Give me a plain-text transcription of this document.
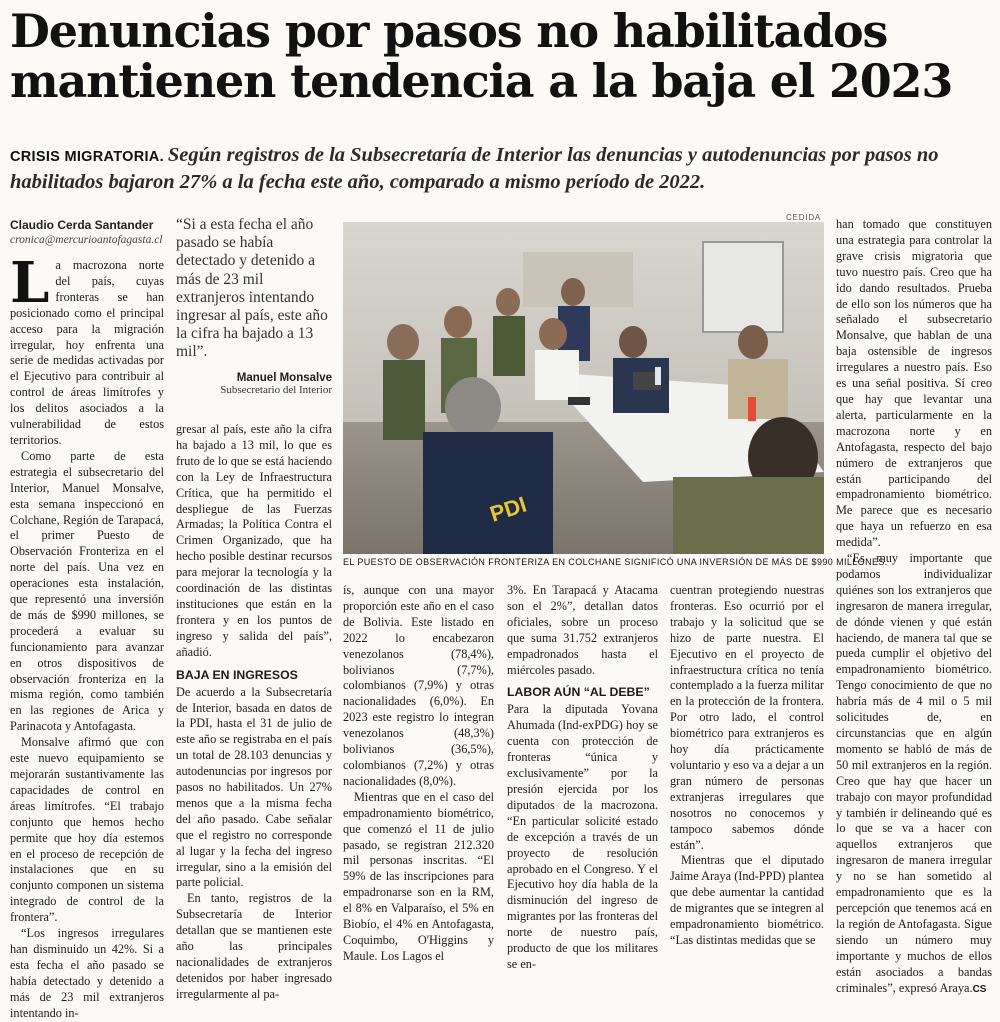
Denuncias por pasos no habilitados
mantienen tendencia a la baja el 2023
CRISIS MIGRATORIA. Según registros de la Subsecretaría de Interior las denuncias y autodenuncias por pasos no habilitados bajaron 27% a la fecha este año, comparado a mismo período de 2022.
Claudio Cerda Santander
cronica@mercurioantofagasta.cl
L a macrozona norte del país, cuyas fronteras se han posicionado como el principal acceso para la migración irregular, hoy enfrenta una serie de medidas activadas por el Ejecutivo para contribuir al control de áreas limítrofes y los delitos asociados a la vulnerabilidad de estos territorios.

Como parte de esta estrategia el subsecretario del Interior, Manuel Monsalve, esta semana inspeccionó en Colchane, Región de Tarapacá, el primer Puesto de Observación Fronteriza en el norte del país. Una vez en operaciones esta instalación, que representó una inversión de más de $990 millones, se procederá a evaluar su funcionamiento para avanzar en otros dispositivos de observación fronteriza en la misma región, como también en las regiones de Arica y Parinacota y Antofagasta.

Monsalve afirmó que con este nuevo equipamiento se mejorarán sustantivamente las capacidades de control en áreas limítrofes. “El trabajo conjunto que hemos hecho permite que hoy día estemos en el proceso de recepción de instalaciones que en su conjunto componen un sistema integrado de control de la frontera”.

“Los ingresos irregulares han disminuido un 42%. Si a esta fecha el año pasado se había detectado y detenido a más de 23 mil extranjeros intentando in-

“Si a esta fecha el año pasado se había detectado y detenido a más de 23 mil extranjeros intentando ingresar al país, este año la cifra ha bajado a 13 mil”.
Manuel Monsalve
Subsecretario del Interior

gresar al país, este año la cifra ha bajado a 13 mil, lo que es fruto de lo que se está haciendo con la Ley de Infraestructura Crítica, que ha permitido el despliegue de las Fuerzas Armadas; la Política Contra el Crimen Organizado, que ha hecho posible destinar recursos para mejorar la tecnología y la coordinación de las distintas instituciones que están en la frontera y en los puntos de ingreso y salida del país”, añadió.

BAJA EN INGRESOS

De acuerdo a la Subsecretaría de Interior, basada en datos de la PDI, hasta el 31 de julio de este año se registraba en el país un total de 28.103 denuncias y autodenuncias por ingresos por pasos no habilitados. Un 27% menos que a la misma fecha del año pasado. Cabe señalar que el registro no corresponde al lugar y la fecha del ingreso irregular, sino a la emisión del parte policial.

En tanto, registros de la Subsecretaría de Interior detallan que se mantienen este año las principales nacionalidades de extranjeros detenidos por haber ingresado irregularmente al pa-

CEDIDA
PDI
EL PUESTO DE OBSERVACIÓN FRONTERIZA EN COLCHANE SIGNIFICÓ UNA INVERSIÓN DE MÁS DE $990 MILLONES.

ís, aunque con una mayor proporción este año en el caso de Bolivia. Este listado en 2022 lo encabezaron venezolanos (78,4%), bolivianos (7,7%), colombianos (7,9%) y otras nacionalidades (6,0%). En 2023 este registro lo integran venezolanos (48,3%) bolivianos (36,5%), colombianos (7,2%) y otras nacionalidades (8,0%).

Mientras que en el caso del empadronamiento biométrico, que comenzó el 11 de julio pasado, se registran 212.320 mil personas inscritas. “El 59% de las inscripciones para empadronarse son en la RM, el 8% en Valparaíso, el 5% en Biobío, el 4% en Antofagasta, Coquimbo, O'Higgins y Maule. Los Lagos el

3%. En Tarapacá y Atacama son el 2%”, detallan datos oficiales, sobre un proceso que suma 31.752 extranjeros empadronados hasta el miércoles pasado.

LABOR AÚN “AL DEBE”

Para la diputada Yovana Ahumada (Ind-exPDG) hoy se cuenta con protección de fronteras “única y exclusivamente” por la presión ejercida por los diputados de la macrozona. “En particular solicité estado de excepción a través de un proyecto de resolución aprobado en el Congreso. Y el Ejecutivo hoy día habla de la disminución del ingreso de migrantes por las fronteras del norte de nuestro país, producto de que los militares se en-

cuentran protegiendo nuestras fronteras. Eso ocurrió por el trabajo y la solicitud que se hizo de parte nuestra. El Ejecutivo en el proyecto de infraestructura crítica no tenía contemplado a la fuerza militar en la protección de la frontera. Por otro lado, el control biométrico para extranjeros es hoy día prácticamente voluntario y eso va a dejar a un gran número de personas extranjeras irregulares que nosotros no conocemos y tampoco sabemos dónde están”.

Mientras que el diputado Jaime Araya (Ind-PPD) plantea que debe aumentar la cantidad de migrantes que se integren al empadronamiento biométrico. “Las distintas medidas que se

han tomado que constituyen una estrategia para controlar la grave crisis migratoria que tuvo nuestro país. Creo que ha ido dando resultados. Prueba de ello son los números que ha señalado el subsecretario Monsalve, que hablan de una baja ostensible de ingresos irregulares a nuestro país. Eso es una señal positiva. Sí creo que hay que levantar una alerta, particularmente en la macrozona norte y en Antofagasta, respecto del bajo número de extranjeros que están participando del empadronamiento biométrico. Me parece que es necesario que haya un refuerzo en esa medida”.

“Es muy importante que podamos individualizar quiénes son los extranjeros que ingresaron de manera irregular, de dónde vienen y qué están haciendo, de manera tal que se pueda cumplir el objetivo del empadronamiento biométrico. Tengo conocimiento de que no habría más de 4 mil o 5 mil solicitudes de, en circunstancias que en algún momento se habló de más de 50 mil extranjeros en la región. Creo que hay que hacer un trabajo con mayor profundidad y también ir delineando qué es lo que se va a hacer con aquellos extranjeros que ingresaron de manera irregular y no se han sometido al empadronamiento que es la percepción que tenemos acá en la región de Antofagasta. Sigue siendo un número muy importante y muchos de ellos están asociados a bandas criminales”, expresó Araya.CS
